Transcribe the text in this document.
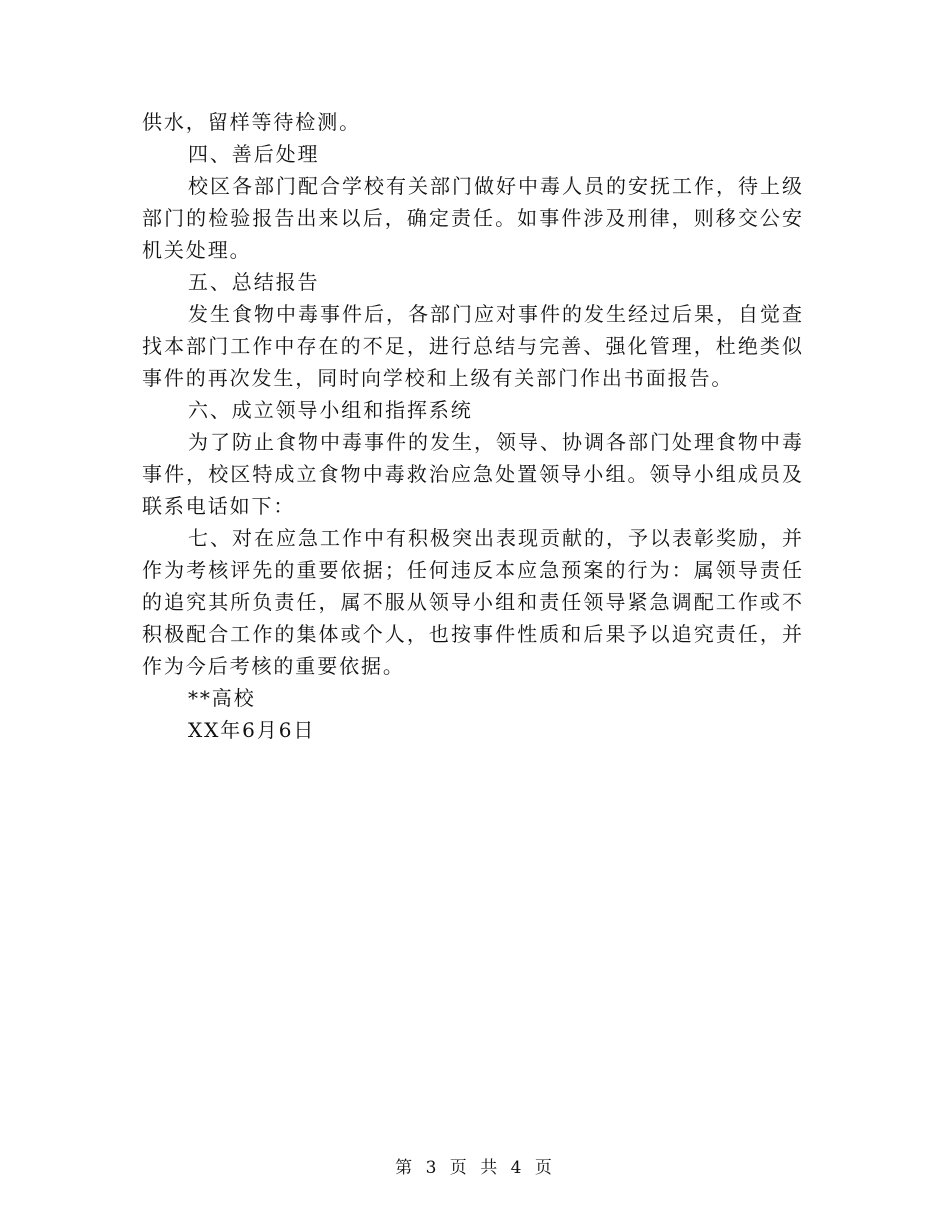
供水，留样等待检测。
四、善后处理
校区各部门配合学校有关部门做好中毒人员的安抚工作，待上级
部门的检验报告出来以后，确定责任。如事件涉及刑律，则移交公安
机关处理。
五、总结报告
发生食物中毒事件后，各部门应对事件的发生经过后果，自觉查
找本部门工作中存在的不足，进行总结与完善、强化管理，杜绝类似
事件的再次发生，同时向学校和上级有关部门作出书面报告。
六、成立领导小组和指挥系统
为了防止食物中毒事件的发生，领导、协调各部门处理食物中毒
事件，校区特成立食物中毒救治应急处置领导小组。领导小组成员及
联系电话如下：
七、对在应急工作中有积极突出表现贡献的，予以表彰奖励，并
作为考核评先的重要依据；任何违反本应急预案的行为：属领导责任
的追究其所负责任，属不服从领导小组和责任领导紧急调配工作或不
积极配合工作的集体或个人，也按事件性质和后果予以追究责任，并
作为今后考核的重要依据。
**高校
XX年6月6日
第 3 页 共 4 页
